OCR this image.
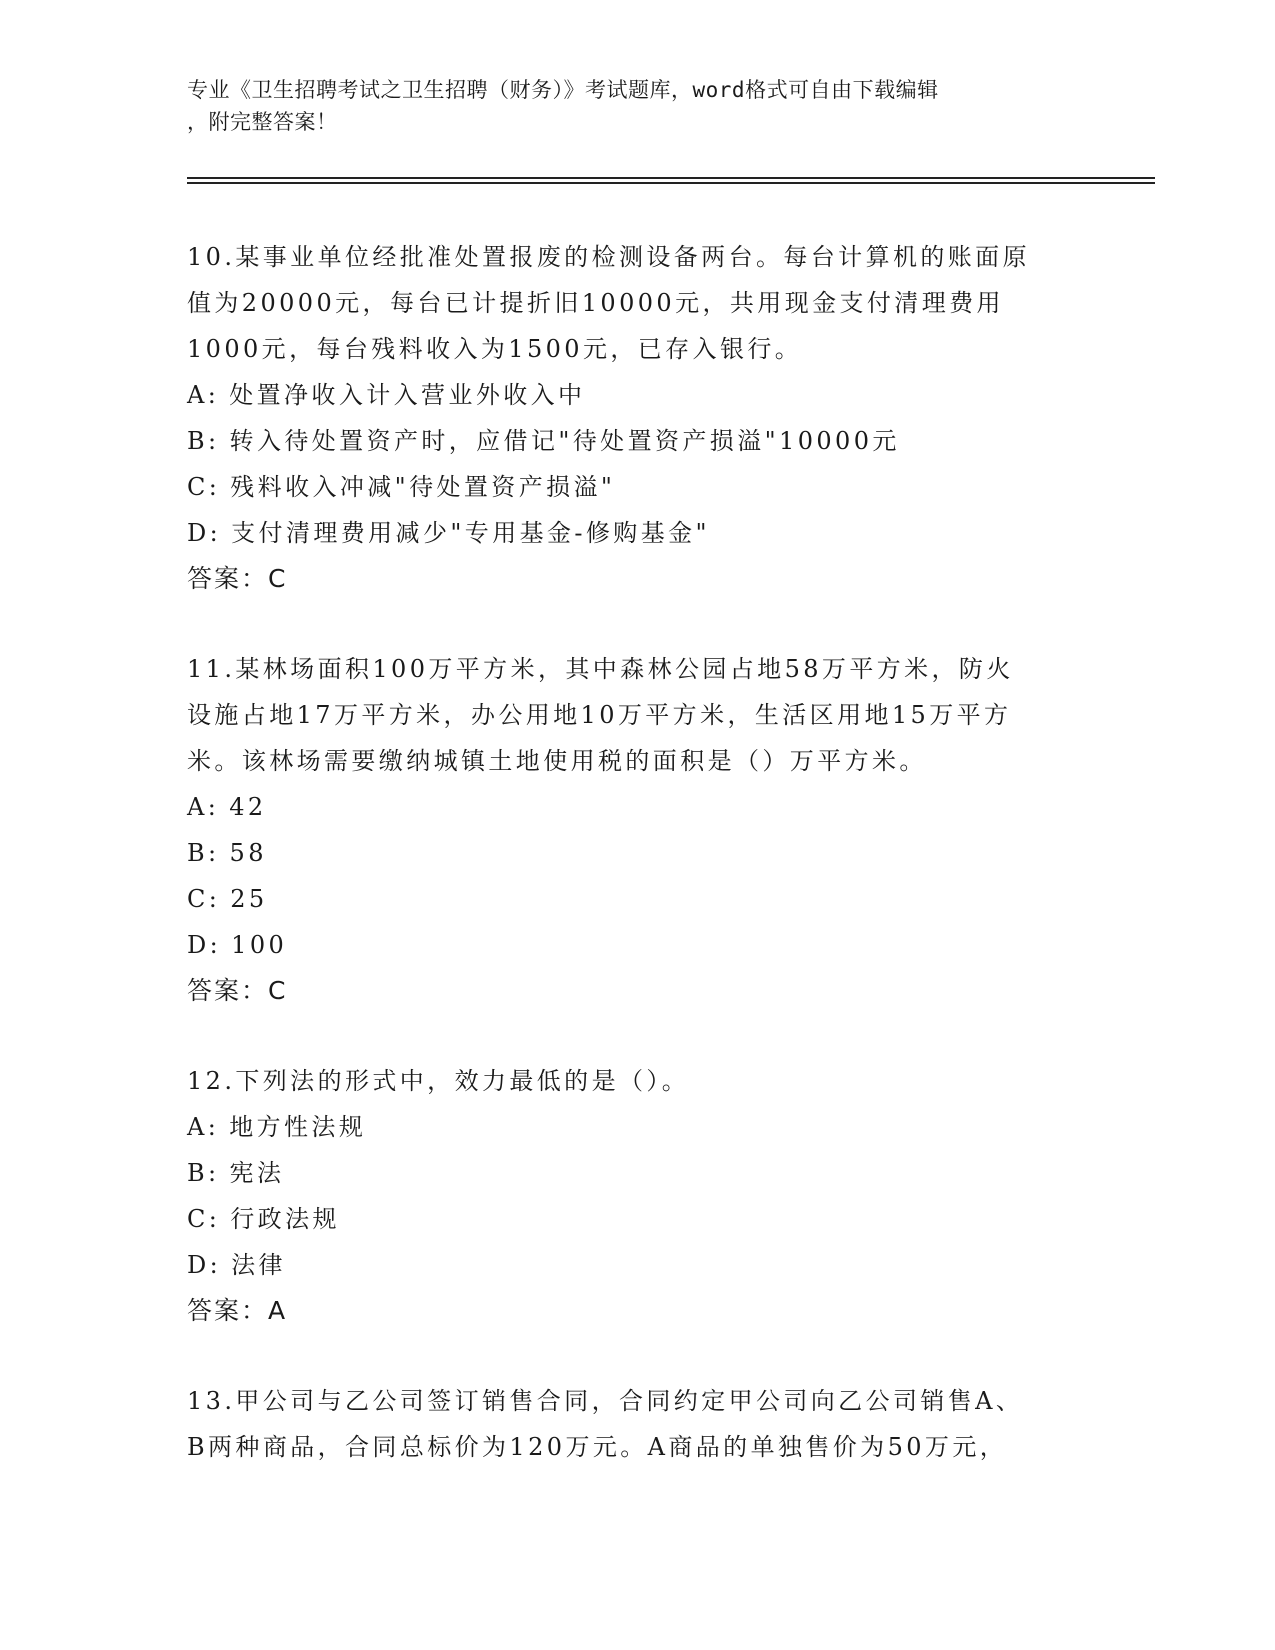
专业《卫生招聘考试之卫生招聘（财务）》考试题库，word格式可自由下载编辑
，附完整答案！
10.某事业单位经批准处置报废的检测设备两台。每台计算机的账面原
值为20000元，每台已计提折旧10000元，共用现金支付清理费用
1000元，每台残料收入为1500元，已存入银行。
A: 处置净收入计入营业外收入中
B: 转入待处置资产时，应借记"待处置资产损溢"10000元
C: 残料收入冲减"待处置资产损溢"
D: 支付清理费用减少"专用基金-修购基金"
答案：C
11.某林场面积100万平方米，其中森林公园占地58万平方米，防火
设施占地17万平方米，办公用地10万平方米，生活区用地15万平方
米。该林场需要缴纳城镇土地使用税的面积是（）万平方米。
A: 42
B: 58
C: 25
D: 100
答案：C
12.下列法的形式中，效力最低的是（）。
A: 地方性法规
B: 宪法
C: 行政法规
D: 法律
答案：A
13.甲公司与乙公司签订销售合同，合同约定甲公司向乙公司销售A、
B两种商品，合同总标价为120万元。A商品的单独售价为50万元，
